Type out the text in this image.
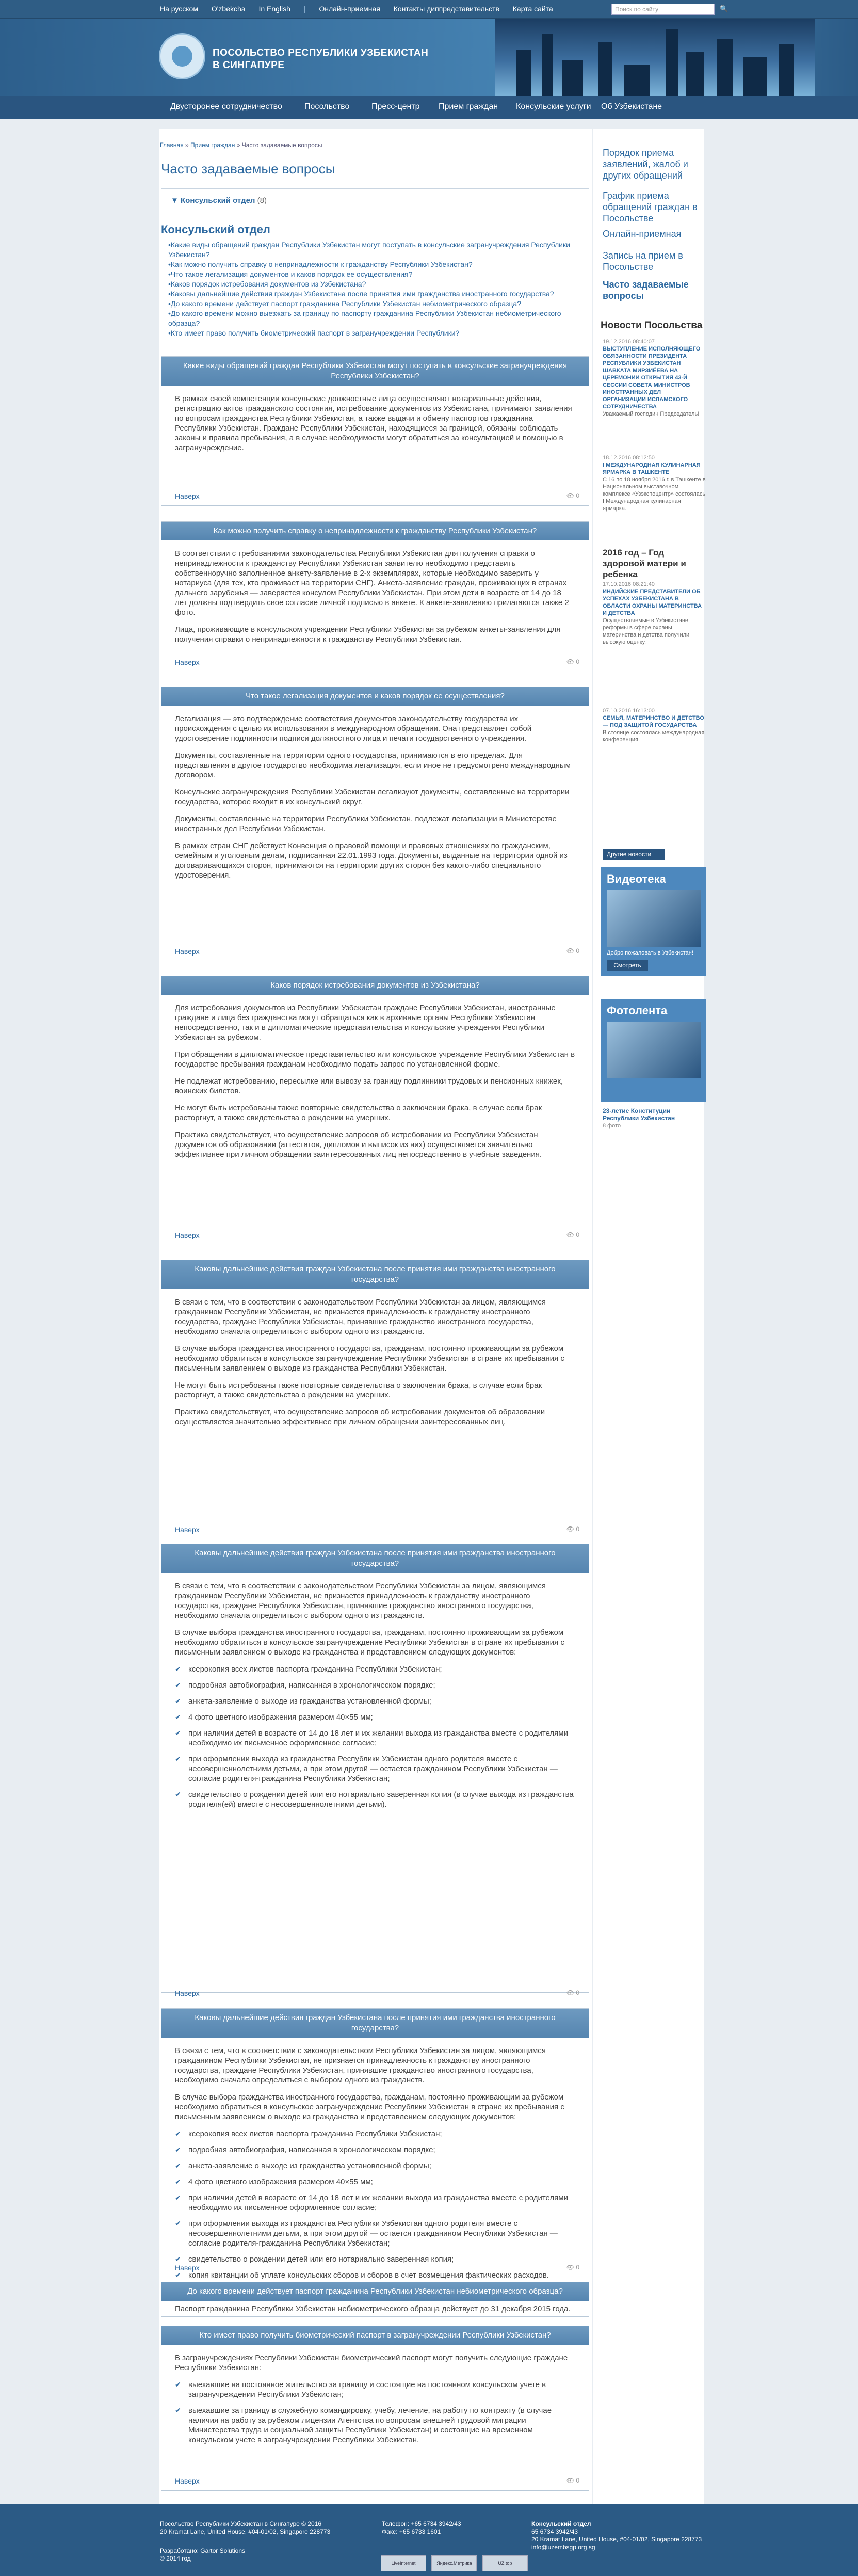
На русском O'zbekcha In English | Онлайн-приемная Контакты диппредставительств Карта сайта	Поиск по сайту	🔍
ПОСОЛЬСТВО РЕСПУБЛИКИ УЗБЕКИСТАН
В СИНГАПУРЕ
Двусторонее сотрудничество	Посольство	Пресс-центр Прием граждан Консульские услуги Об Узбекистане
Главная » Прием граждан » Часто задаваемые вопросы
Часто задаваемые вопросы
▼ Консульский отдел (8)
Консульский отдел
• Какие виды обращений граждан Республики Узбекистан могут поступать в консульские загранучреждения Республики Узбекистан?
• Как можно получить справку о непринадлежности к гражданству Республики Узбекистан?
• Что такое легализация документов и каков порядок ее осуществления?
• Каков порядок истребования документов из Узбекистана?
• Каковы дальнейшие действия граждан Узбекистана после принятия ими гражданства иностранного государства?
• До какого времени действует паспорт гражданина Республики Узбекистан небиометрического образца?
• До какого времени можно выезжать за границу по паспорту гражданина Республики Узбекистан небиометрического образца?
• Кто имеет право получить биометрический паспорт в загранучреждении Республики?
Какие виды обращений граждан Республики Узбекистан могут поступать в консульские загранучреждения Республики Узбекистан?

В рамках своей компетенции консульские должностные лица осуществляют нотариальные действия, регистрацию актов гражданского состояния, истребование документов из Узбекистана, принимают заявления по вопросам гражданства Республики Узбекистан, а также выдачи и обмену паспортов гражданина Республики Узбекистан. Граждане Республики Узбекистан, находящиеся за границей, обязаны соблюдать законы и правила пребывания, а в случае необходимости могут обратиться за консультацией и помощью в загранучреждение.

Наверх	👁 0
Как можно получить справку о непринадлежности к гражданству Республики Узбекистан?

В соответствии с требованиями законодательства Республики Узбекистан для получения справки о непринадлежности к гражданству Республики Узбекистан заявителю необходимо представить собственноручно заполненное анкету-заявление в 2-х экземплярах, которые необходимо заверить у нотариуса (для тех, кто проживает на территории СНГ). Анкета-заявление граждан, проживающих в странах дальнего зарубежья — заверяется консулом Республики Узбекистан. При этом дети в возрасте от 14 до 18 лет должны подтвердить свое согласие личной подписью в анкете. К анкете-заявлению прилагаются также 2 фото.

Лица, проживающие в консульском учреждении Республики Узбекистан за рубежом анкеты-заявления для получения справки о непринадлежности к гражданству Республики Узбекистан.

Наверх	👁 0
Что такое легализация документов и каков порядок ее осуществления?

Легализация — это подтверждение соответствия документов законодательству государства их происхождения с целью их использования в международном обращении. Она представляет собой удостоверение подлинности подписи должностного лица и печати государственного учреждения.

Документы, составленные на территории одного государства, принимаются в его пределах. Для представления в другое государство необходима легализация, если иное не предусмотрено международным договором.

Консульские загранучреждения Республики Узбекистан легализуют документы, составленные на территории государства, которое входит в их консульский округ.

Документы, составленные на территории Республики Узбекистан, подлежат легализации в Министерстве иностранных дел Республики Узбекистан.

В рамках стран СНГ действует Конвенция о правовой помощи и правовых отношениях по гражданским, семейным и уголовным делам, подписанная 22.01.1993 года. Документы, выданные на территории одной из договаривающихся сторон, принимаются на территории других сторон без какого-либо специального удостоверения.

Наверх	👁 0
Каков порядок истребования документов из Узбекистана?

Для истребования документов из Республики Узбекистан граждане Республики Узбекистан, иностранные граждане и лица без гражданства могут обращаться как в архивные органы Республики Узбекистан непосредственно, так и в дипломатические представительства и консульские учреждения Республики Узбекистан за рубежом.

При обращении в дипломатическое представительство или консульское учреждение Республики Узбекистан в государстве пребывания гражданам необходимо подать запрос по установленной форме.

Не подлежат истребованию, пересылке или вывозу за границу подлинники трудовых и пенсионных книжек, воинских билетов.

Не могут быть истребованы также повторные свидетельства о заключении брака, в случае если брак расторгнут, а также свидетельства о рождении на умерших.

Практика свидетельствует, что осуществление запросов об истребовании из Республики Узбекистан документов об образовании (аттестатов, дипломов и выписок из них) осуществляется значительно эффективнее при личном обращении заинтересованных лиц непосредственно в учебные заведения.

Наверх	👁 0
Каковы дальнейшие действия граждан Узбекистана после принятия ими гражданства иностранного государства?

В связи с тем, что в соответствии с законодательством Республики Узбекистан за лицом, являющимся гражданином Республики Узбекистан, не признается принадлежность к гражданству иностранного государства, граждане Республики Узбекистан, принявшие гражданство иностранного государства, необходимо сначала определиться с выбором одного из гражданств.

В случае выбора гражданства иностранного государства, гражданам, постоянно проживающим за рубежом необходимо обратиться в консульское загранучреждение Республики Узбекистан в стране их пребывания с письменным заявлением о выходе из гражданства Республики Узбекистан.

Не могут быть истребованы также повторные свидетельства о заключении брака, в случае если брак расторгнут, а также свидетельства о рождении на умерших.

Практика свидетельствует, что осуществление запросов об истребовании документов об образовании осуществляется значительно эффективнее при личном обращении заинтересованных лиц.

Наверх	👁 0
Каковы дальнейшие действия граждан Узбекистана после принятия ими гражданства иностранного государства?

В связи с тем, что в соответствии с законодательством Республики Узбекистан за лицом, являющимся гражданином Республики Узбекистан, не признается принадлежность к гражданству иностранного государства, граждане Республики Узбекистан, принявшие гражданство иностранного государства, необходимо сначала определиться с выбором одного из гражданств.

В случае выбора гражданства иностранного государства, гражданам, постоянно проживающим за рубежом необходимо обратиться в консульское загранучреждение Республики Узбекистан в стране их пребывания с письменным заявлением о выходе из гражданства и представлением следующих документов:

✔ ксерокопия всех листов паспорта гражданина Республики Узбекистан;

✔ подробная автобиография, написанная в хронологическом порядке;

✔ анкета-заявление о выходе из гражданства установленной формы;

✔ 4 фото цветного изображения размером 40×55 мм;

✔ при наличии детей в возрасте от 14 до 18 лет и их желании выхода из гражданства вместе с родителями необходимо их письменное оформленное согласие;

✔ при оформлении выхода из гражданства Республики Узбекистан одного родителя вместе с несовершеннолетними детьми, а при этом другой — остается гражданином Республики Узбекистан — согласие родителя-гражданина Республики Узбекистан;

✔ свидетельство о рождении детей или его нотариально заверенная копия (в случае выхода из гражданства родителя(ей) вместе с несовершеннолетними детьми).

Наверх	👁 0
Каковы дальнейшие действия граждан Узбекистана после принятия ими гражданства иностранного государства?

В связи с тем, что в соответствии с законодательством Республики Узбекистан за лицом, являющимся гражданином Республики Узбекистан, не признается принадлежность к гражданству иностранного государства, граждане Республики Узбекистан, принявшие гражданство иностранного государства, необходимо сначала определиться с выбором одного из гражданств.

В случае выбора гражданства иностранного государства, гражданам, постоянно проживающим за рубежом необходимо обратиться в консульское загранучреждение Республики Узбекистан в стране их пребывания с письменным заявлением о выходе из гражданства и представлением следующих документов:

✔ ксерокопия всех листов паспорта гражданина Республики Узбекистан;

✔ подробная автобиография, написанная в хронологическом порядке;

✔ анкета-заявление о выходе из гражданства установленной формы;

✔ 4 фото цветного изображения размером 40×55 мм;

✔ при наличии детей в возрасте от 14 до 18 лет и их желании выхода из гражданства вместе с родителями необходимо их письменное оформленное согласие;

✔ при оформлении выхода из гражданства Республики Узбекистан одного родителя вместе с несовершеннолетними детьми, а при этом другой — остается гражданином Республики Узбекистан — согласие родителя-гражданина Республики Узбекистан;

✔ свидетельство о рождении детей или его нотариально заверенная копия;

✔ копия квитанции об уплате консульских сборов и сборов в счет возмещения фактических расходов.

Наверх	👁 0
До какого времени действует паспорт гражданина Республики Узбекистан небиометрического образца?

Паспорт гражданина Республики Узбекистан небиометрического образца действует до 31 декабря 2015 года.

Кто имеет право получить биометрический паспорт в загранучреждении Республики Узбекистан?

В загранучреждениях Республики Узбекистан биометрический паспорт могут получить следующие граждане Республики Узбекистан:

✔ выехавшие на постоянное жительство за границу и состоящие на постоянном консульском учете в загранучреждении Республики Узбекистан;

✔ выехавшие за границу в служебную командировку, учебу, лечение, на работу по контракту (в случае наличия на работу за рубежом лицензии Агентства по вопросам внешней трудовой миграции Министерства труда и социальной защиты Республики Узбекистан) и состоящие на временном консульском учете в загранучреждении Республики Узбекистан.

Наверх	👁 0
Порядок приема заявлений, жалоб и других обращений
График приема обращений граждан в Посольстве
Онлайн-приемная
Запись на прием в Посольстве
Часто задаваемые вопросы
Новости Посольства
19.12.2016 08:40:07
ВЫСТУПЛЕНИЕ ИСПОЛНЯЮЩЕГО ОБЯЗАННОСТИ ПРЕЗИДЕНТА РЕСПУБЛИКИ УЗБЕКИСТАН ШАВКАТА МИРЗИЁЕВА НА ЦЕРЕМОНИИ ОТКРЫТИЯ 43-Й СЕССИИ СОВЕТА МИНИСТРОВ ИНОСТРАННЫХ ДЕЛ ОРГАНИЗАЦИИ ИСЛАМСКОГО СОТРУДНИЧЕСТВА
Уважаемый господин Председатель!
18.12.2016 08:12:50
I МЕЖДУНАРОДНАЯ КУЛИНАРНАЯ ЯРМАРКА В ТАШКЕНТЕ
С 16 по 18 ноября 2016 г. в Ташкенте в Национальном выставочном комплексе «Узэкспоцентр» состоялась I Международная кулинарная ярмарка.
2016 год – Год здоровой матери и ребенка
17.10.2016 08:21:40
ИНДИЙСКИЕ ПРЕДСТАВИТЕЛИ ОБ УСПЕХАХ УЗБЕКИСТАНА В ОБЛАСТИ ОХРАНЫ МАТЕРИНСТВА И ДЕТСТВА
Осуществляемые в Узбекистане реформы в сфере охраны материнства и детства получили высокую оценку.
07.10.2016 16:13:00
СЕМЬЯ, МАТЕРИНСТВО И ДЕТСТВО — ПОД ЗАЩИТОЙ ГОСУДАРСТВА
В столице состоялась международная конференция.
Другие новости
Видеотека
Добро пожаловать в Узбекистан!
Смотреть
Фотолента
23-летие Конституции Республики Узбекистан
8 фото
Посольство Республики Узбекистан в Сингапуре © 2016
20 Kramat Lane, United House, #04-01/02, Singapore 228773
Разработано: Gartor Solutions
© 2014 год
Телефон: +65 6734 3942/43
Факс: +65 6733 1601
Консульский отдел
65 6734 3942/43
20 Kramat Lane, United House, #04-01/02, Singapore 228773
info@uzembsgp.org.sg
LiveInternet	Яндекс.Метрика	UZ top
